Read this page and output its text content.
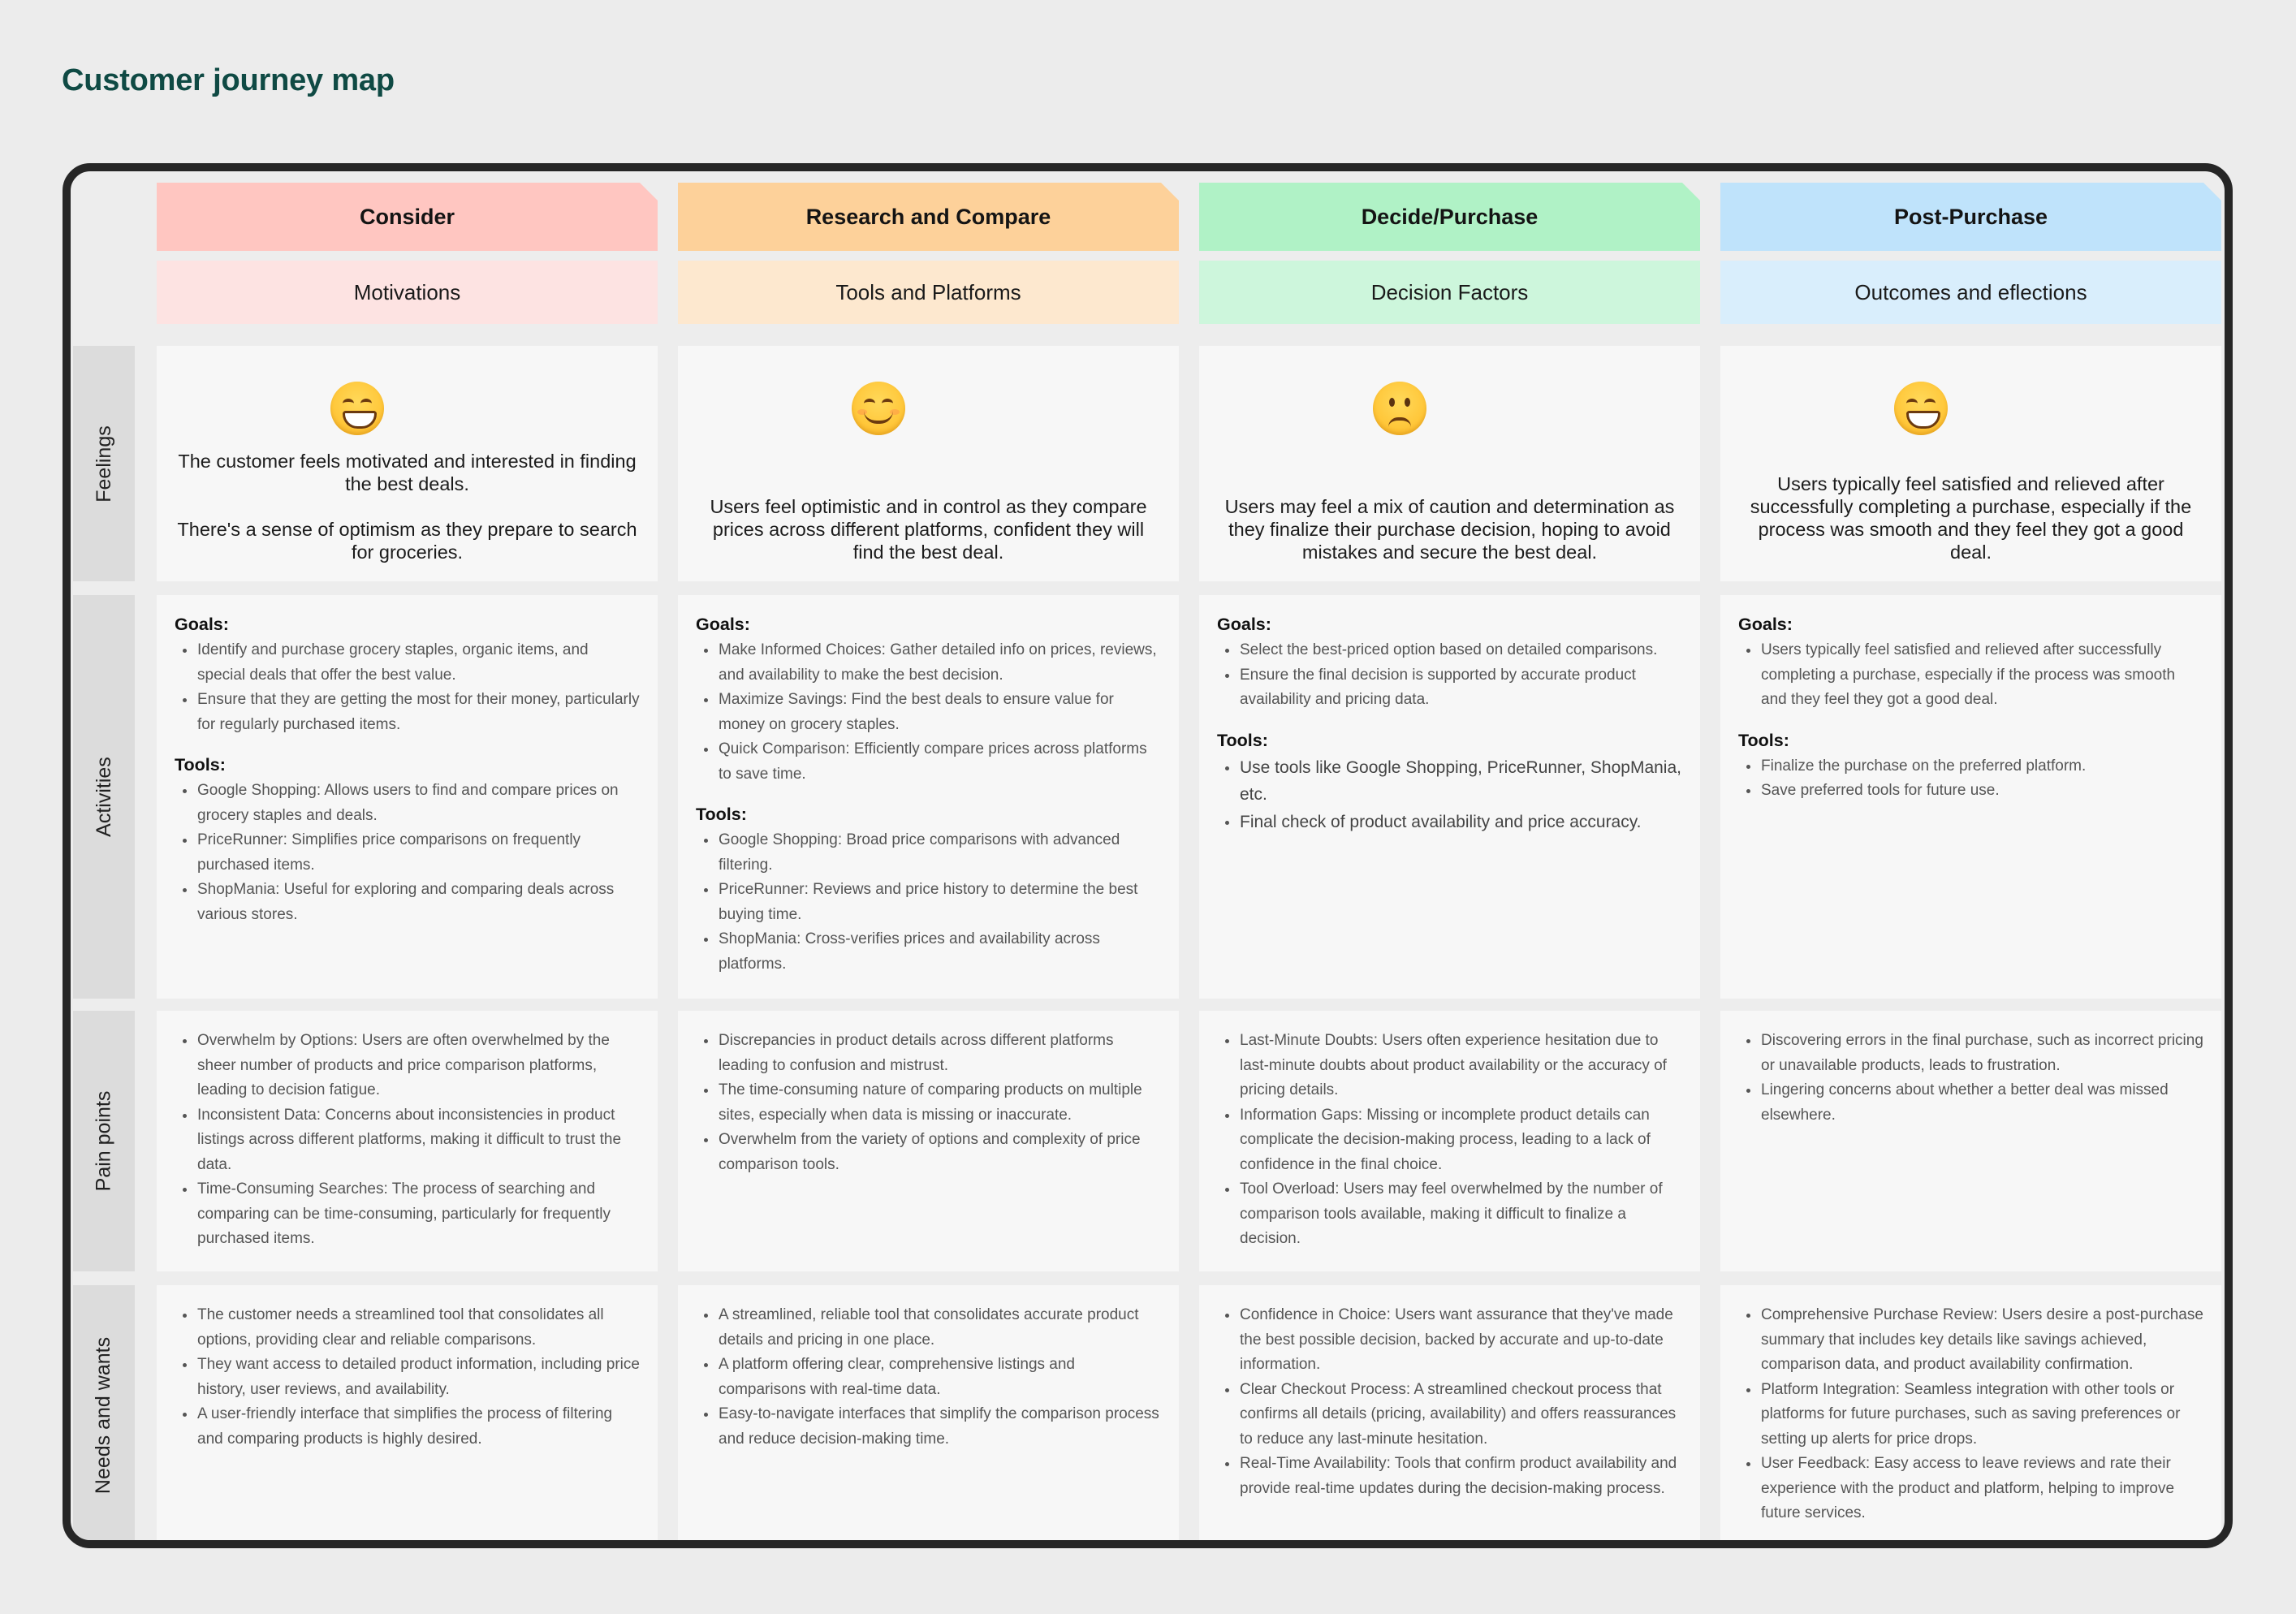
Customer journey map
Feelings
Activities
Pain points
Needs and wants
Consider
Motivations

The customer feels motivated and interested in finding the best deals.

There's a sense of optimism as they prepare to search for groceries.

Goals:
Identify and purchase grocery staples, organic items, and special deals that offer the best value.
Ensure that they are getting the most for their money, particularly for regularly purchased items.
Tools:
Google Shopping: Allows users to find and compare prices on grocery staples and deals.
PriceRunner: Simplifies price comparisons on frequently purchased items.
ShopMania: Useful for exploring and comparing deals across various stores.
Overwhelm by Options: Users are often overwhelmed by the sheer number of products and price comparison platforms, leading to decision fatigue.
Inconsistent Data: Concerns about inconsistencies in product listings across different platforms, making it difficult to trust the data.
Time-Consuming Searches: The process of searching and comparing can be time-consuming, particularly for frequently purchased items.
The customer needs a streamlined tool that consolidates all options, providing clear and reliable comparisons.
They want access to detailed product information, including price history, user reviews, and availability.
A user-friendly interface that simplifies the process of filtering and comparing products is highly desired.
Research and Compare
Tools and Platforms

Users feel optimistic and in control as they compare prices across different platforms, confident they will find the best deal.

Goals:
Make Informed Choices: Gather detailed info on prices, reviews, and availability to make the best decision.
Maximize Savings: Find the best deals to ensure value for money on grocery staples.
Quick Comparison: Efficiently compare prices across platforms to save time.
Tools:
Google Shopping: Broad price comparisons with advanced filtering.
PriceRunner: Reviews and price history to determine the best buying time.
ShopMania: Cross-verifies prices and availability across platforms.
Discrepancies in product details across different platforms leading to confusion and mistrust.
The time-consuming nature of comparing products on multiple sites, especially when data is missing or inaccurate.
Overwhelm from the variety of options and complexity of price comparison tools.
A streamlined, reliable tool that consolidates accurate product details and pricing in one place.
A platform offering clear, comprehensive listings and comparisons with real-time data.
Easy-to-navigate interfaces that simplify the comparison process and reduce decision-making time.
Decide/Purchase
Decision Factors

Users may feel a mix of caution and determination as they finalize their purchase decision, hoping to avoid mistakes and secure the best deal.

Goals:
Select the best-priced option based on detailed comparisons.
Ensure the final decision is supported by accurate product availability and pricing data.
Tools:
Use tools like Google Shopping, PriceRunner, ShopMania, etc.
Final check of product availability and price accuracy.
Last-Minute Doubts: Users often experience hesitation due to last-minute doubts about product availability or the accuracy of pricing details.
Information Gaps: Missing or incomplete product details can complicate the decision-making process, leading to a lack of confidence in the final choice.
Tool Overload: Users may feel overwhelmed by the number of comparison tools available, making it difficult to finalize a decision.
Confidence in Choice: Users want assurance that they've made the best possible decision, backed by accurate and up-to-date information.
Clear Checkout Process: A streamlined checkout process that confirms all details (pricing, availability) and offers reassurances to reduce any last-minute hesitation.
Real-Time Availability: Tools that confirm product availability and provide real-time updates during the decision-making process.
Post-Purchase
Outcomes and eflections

Users typically feel satisfied and relieved after successfully completing a purchase, especially if the process was smooth and they feel they got a good deal.

Goals:
Users typically feel satisfied and relieved after successfully completing a purchase, especially if the process was smooth and they feel they got a good deal.
Tools:
Finalize the purchase on the preferred platform.
Save preferred tools for future use.
Discovering errors in the final purchase, such as incorrect pricing or unavailable products, leads to frustration.
Lingering concerns about whether a better deal was missed elsewhere.
Comprehensive Purchase Review: Users desire a post-purchase summary that includes key details like savings achieved, comparison data, and product availability confirmation.
Platform Integration: Seamless integration with other tools or platforms for future purchases, such as saving preferences or setting up alerts for price drops.
User Feedback: Easy access to leave reviews and rate their experience with the product and platform, helping to improve future services.
